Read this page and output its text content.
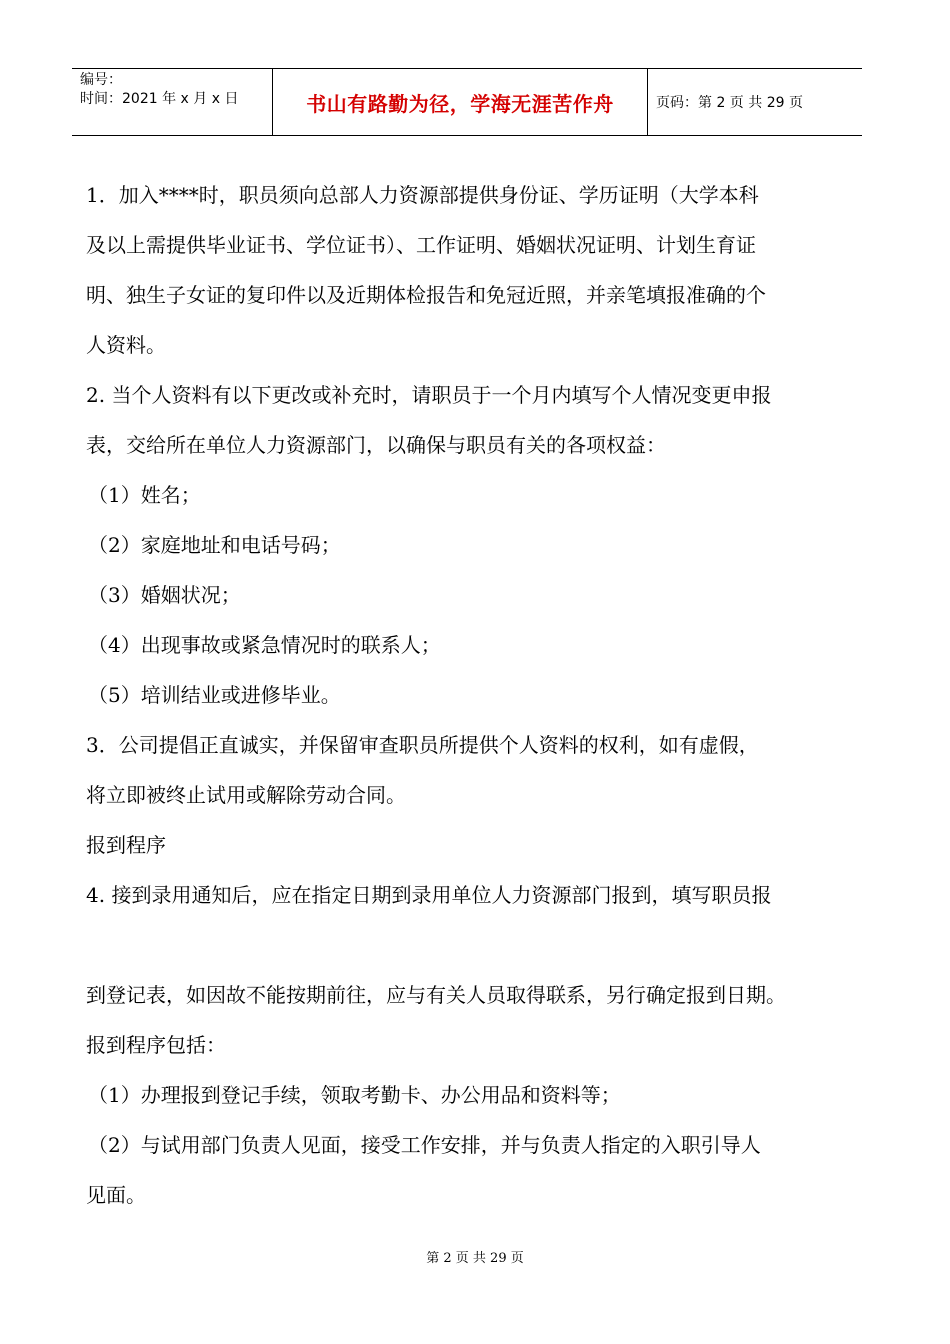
编号：
时间：2021 年 x 月 x 日	书山有路勤为径，学海无涯苦作舟	页码：第 2 页 共 29 页
1．加入****时，职员须向总部人力资源部提供身份证、学历证明（大学本科
及以上需提供毕业证书、学位证书）、工作证明、婚姻状况证明、计划生育证
明、独生子女证的复印件以及近期体检报告和免冠近照，并亲笔填报准确的个
人资料。
2. 当个人资料有以下更改或补充时，请职员于一个月内填写个人情况变更申报
表，交给所在单位人力资源部门，以确保与职员有关的各项权益：
（1）姓名；
（2）家庭地址和电话号码；
（3）婚姻状况；
（4）出现事故或紧急情况时的联系人；
（5）培训结业或进修毕业。
3．公司提倡正直诚实，并保留审查职员所提供个人资料的权利，如有虚假，
将立即被终止试用或解除劳动合同。
报到程序
4. 接到录用通知后，应在指定日期到录用单位人力资源部门报到，填写职员报
到登记表，如因故不能按期前往，应与有关人员取得联系，另行确定报到日期。
报到程序包括：
（1）办理报到登记手续，领取考勤卡、办公用品和资料等；
（2）与试用部门负责人见面，接受工作安排，并与负责人指定的入职引导人
见面。
第 2 页 共 29 页
